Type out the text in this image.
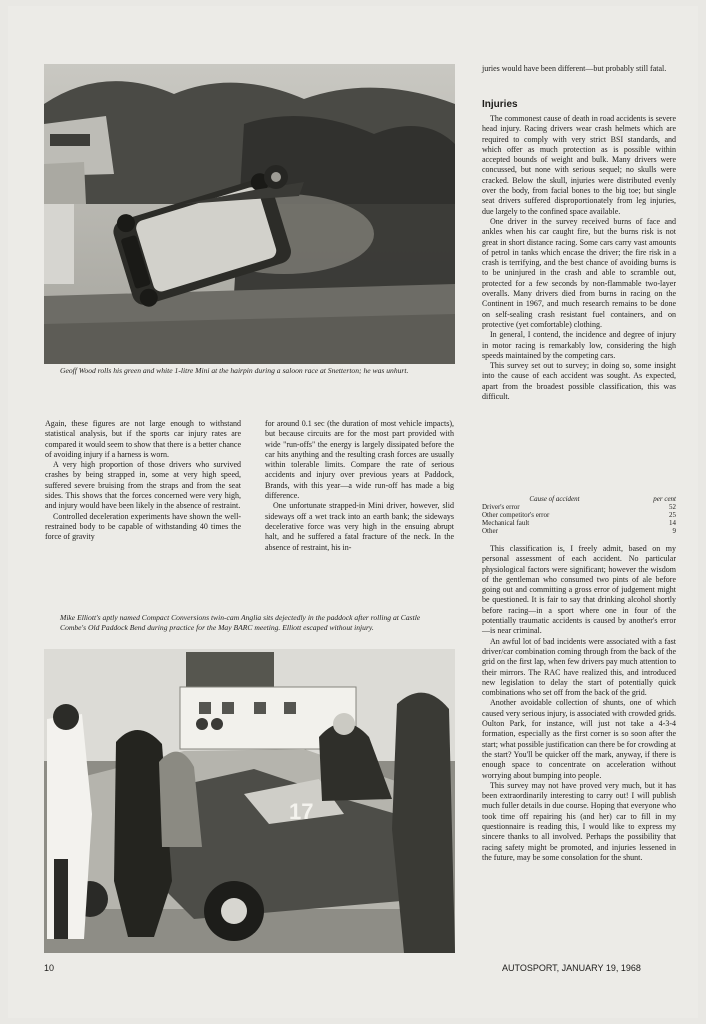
Geoff Wood rolls his green and white 1-litre Mini at the hairpin during a saloon race at Snetterton; he was unhurt.

Again, these figures are not large enough to withstand statistical analysis, but if the sports car injury rates are compared it would seem to show that there is a better chance of avoiding injury if a harness is worn.

A very high proportion of those drivers who survived crashes by being strapped in, some at very high speed, suffered severe bruising from the straps and from the seat sides. This shows that the forces concerned were very high, and injury would have been likely in the absence of restraint.

Controlled deceleration experiments have shown the well-restrained body to be capable of withstanding 40 times the force of gravity

for around 0.1 sec (the duration of most vehicle impacts), but because circuits are for the most part provided with wide "run-offs" the energy is largely dissipated before the car hits anything and the resulting crash forces are usually within tolerable limits. Compare the rate of serious accidents and injury over previous years at Paddock, Brands, with this year—a wide run-off has made a big difference.

One unfortunate strapped-in Mini driver, however, slid sideways off a wet track into an earth bank; the sideways decelerative force was very high in the ensuing abrupt halt, and he suffered a fatal fracture of the neck. In the absence of restraint, his in-

Mike Elliott's aptly named Compact Conversions twin-cam Anglia sits dejectedly in the paddock after rolling at Castle Combe's Old Paddock Bend during practice for the May BARC meeting. Elliott escaped without injury.

17

juries would have been different—but probably still fatal.

Injuries

The commonest cause of death in road accidents is severe head injury. Racing drivers wear crash helmets which are required to comply with very strict BSI standards, and which offer as much protection as is possible within accepted bounds of weight and bulk. Many drivers were concussed, but none with serious sequel; no skulls were cracked. Below the skull, injuries were distributed evenly over the body, from facial bones to the big toe; but single seat drivers suffered disproportionately from leg injuries, due largely to the confined space available.

One driver in the survey received burns of face and ankles when his car caught fire, but the burns risk is not great in short distance racing. Some cars carry vast amounts of petrol in tanks which encase the driver; the fire risk in a crash is terrifying, and the best chance of avoiding burns is to be uninjured in the crash and able to scramble out, protected for a few seconds by non-flammable two-layer overalls. Many drivers died from burns in racing on the Continent in 1967, and much research remains to be done on self-sealing crash resistant fuel containers, and on protective (yet comfortable) clothing.

In general, I contend, the incidence and degree of injury in motor racing is remarkably low, considering the high speeds maintained by the competing cars.

This survey set out to survey; in doing so, some insight into the cause of each accident was sought. As expected, apart from the broadest possible classification, this was difficult.

Cause of accident	per cent
Driver's error	52
Other competitor's error	25
Mechanical fault	14
Other	9

This classification is, I freely admit, based on my personal assessment of each accident. No particular physiological factors were significant; however the wisdom of the gentleman who consumed two pints of ale before going out and committing a gross error of judgement might be questioned. It is fair to say that drinking alcohol shortly before racing—in a sport where one in four of the potentially traumatic accidents is caused by another's error—is near criminal.

An awful lot of bad incidents were associated with a fast driver/car combination coming through from the back of the grid on the first lap, when few drivers pay much attention to their mirrors. The RAC have realized this, and introduced new legislation to delay the start of potentially quick combinations who set off from the back of the grid.

Another avoidable collection of shunts, one of which caused very serious injury, is associated with crowded grids. Oulton Park, for instance, will just not take a 4-3-4 formation, especially as the first corner is so soon after the start; what possible justification can there be for crowding at the start? You'll be quicker off the mark, anyway, if there is enough space to concentrate on acceleration without worrying about bumping into people.

This survey may not have proved very much, but it has been extraordinarily interesting to carry out! I will publish much fuller details in due course. Hoping that everyone who took time off repairing his (and her) car to fill in my questionnaire is reading this, I would like to express my sincere thanks to all involved. Perhaps the possibility that racing safety might be promoted, and injuries lessened in the future, may be some consolation for the shunt.

10	AUTOSPORT, JANUARY 19, 1968
